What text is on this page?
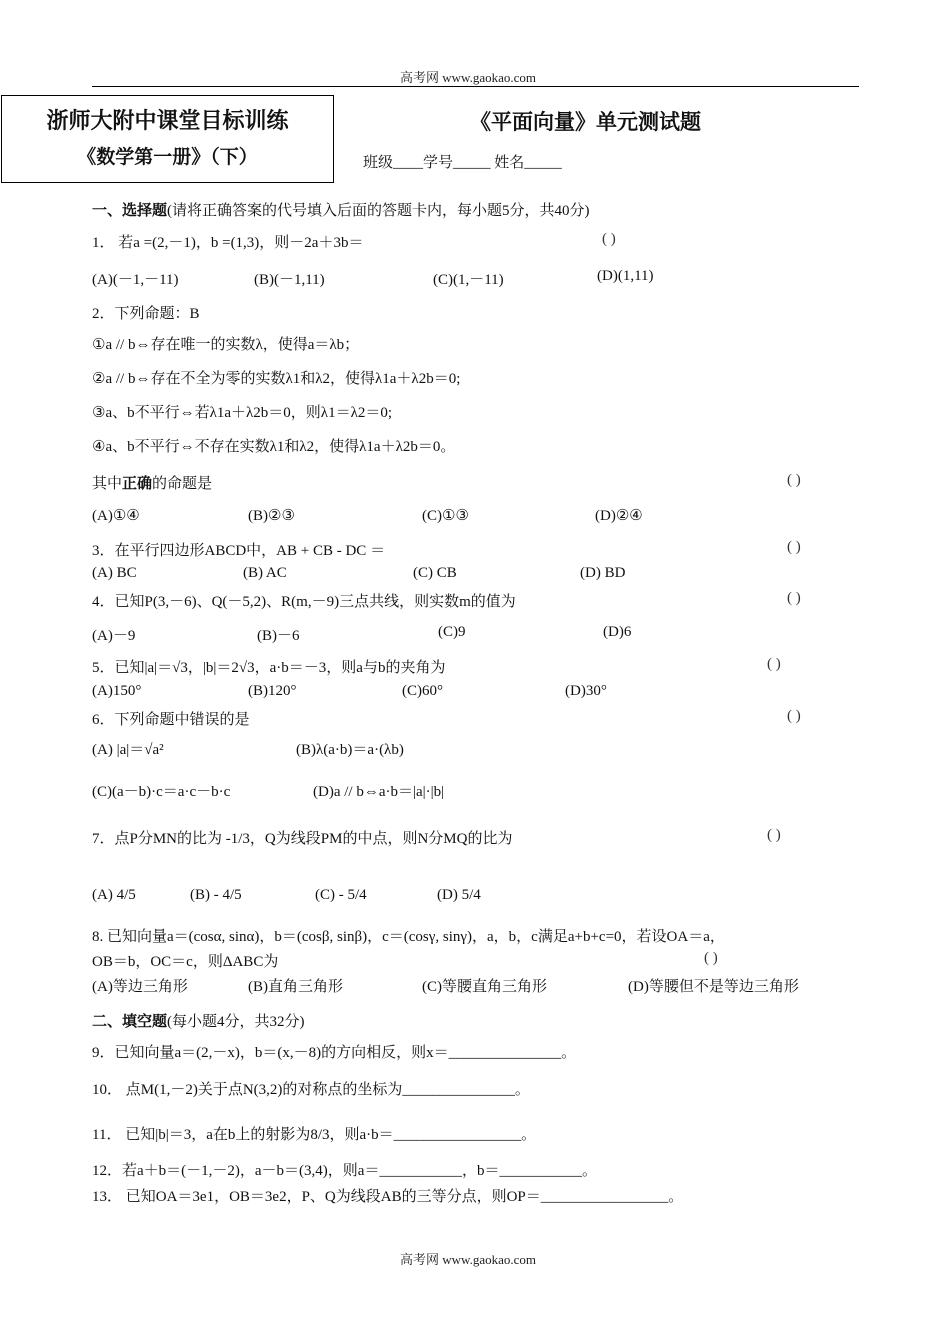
高考网 www.gaokao.com
浙师大附中课堂目标训练
《数学第一册》（下）
《平面向量》单元测试题
班级____学号_____ 姓名_____
一、选择题(请将正确答案的代号填入后面的答题卡内，每小题5分，共40分)
1． 若a =(2,－1)，b =(1,3)，则－2a＋3b＝	( )
(A)(－1,－11)	(B)(－1,11)	(C)(1,－11)	(D)(1,11)
2．下列命题：B
①a // b⇔存在唯一的实数λ，使得a＝λb；
②a // b⇔存在不全为零的实数λ1和λ2，使得λ1a＋λ2b＝0;
③a、b不平行⇔若λ1a＋λ2b＝0，则λ1＝λ2＝0;
④a、b不平行⇔不存在实数λ1和λ2，使得λ1a＋λ2b＝0。
其中正确的命题是	( )
(A)①④	(B)②③	(C)①③	(D)②④
3．在平行四边形ABCD中，AB + CB - DC ＝	( )
(A) BC	(B) AC	(C) CB	(D) BD
4．已知P(3,－6)、Q(－5,2)、R(m,－9)三点共线，则实数m的值为	( )
(A)－9	(B)－6	(C)9	(D)6
5．已知|a|＝√3，|b|＝2√3，a·b＝－3，则a与b的夹角为	( )
(A)150°	(B)120°	(C)60°	(D)30°
6．下列命题中错误的是	( )
(A) |a|＝√a²	(B)λ(a·b)＝a·(λb)
(C)(a－b)·c＝a·c－b·c	(D)a // b⇔a·b＝|a|·|b|
7．点P分MN的比为 -1/3，Q为线段PM的中点，则N分MQ的比为	( )
(A) 4/5	(B) - 4/5	(C) - 5/4	(D) 5/4
8. 已知向量a＝(cosα, sinα)，b＝(cosβ, sinβ)，c＝(cosγ, sinγ)，a，b，c满足a+b+c=0，若设OA＝a，
OB＝b，OC＝c，则ΔABC为	( )
(A)等边三角形	(B)直角三角形	(C)等腰直角三角形	(D)等腰但不是等边三角形
二、填空题(每小题4分，共32分)
9．已知向量a＝(2,－x)，b＝(x,－8)的方向相反，则x＝_______________。
10． 点M(1,－2)关于点N(3,2)的对称点的坐标为_______________。
11． 已知|b|＝3，a在b上的射影为8/3，则a·b＝_________________。
12．若a＋b＝(－1,－2)，a－b＝(3,4)，则a＝___________，b＝___________。
13． 已知OA＝3e1，OB＝3e2，P、Q为线段AB的三等分点，则OP＝_________________。
高考网 www.gaokao.com
